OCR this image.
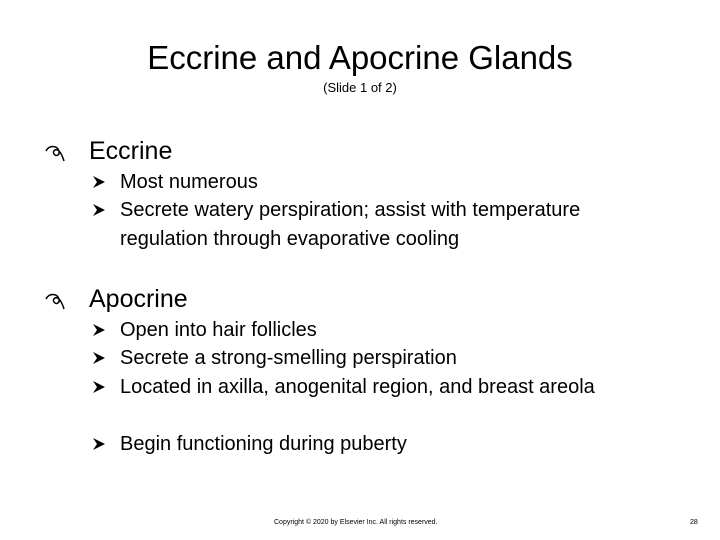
Eccrine and Apocrine Glands
(Slide 1 of 2)
Eccrine
Most numerous
Secrete watery perspiration; assist with temperature regulation through evaporative cooling
Apocrine
Open into hair follicles
Secrete a strong-smelling perspiration
Located in axilla, anogenital region, and breast areola
Begin functioning during puberty
Copyright © 2020 by Elsevier Inc. All rights reserved.	28
